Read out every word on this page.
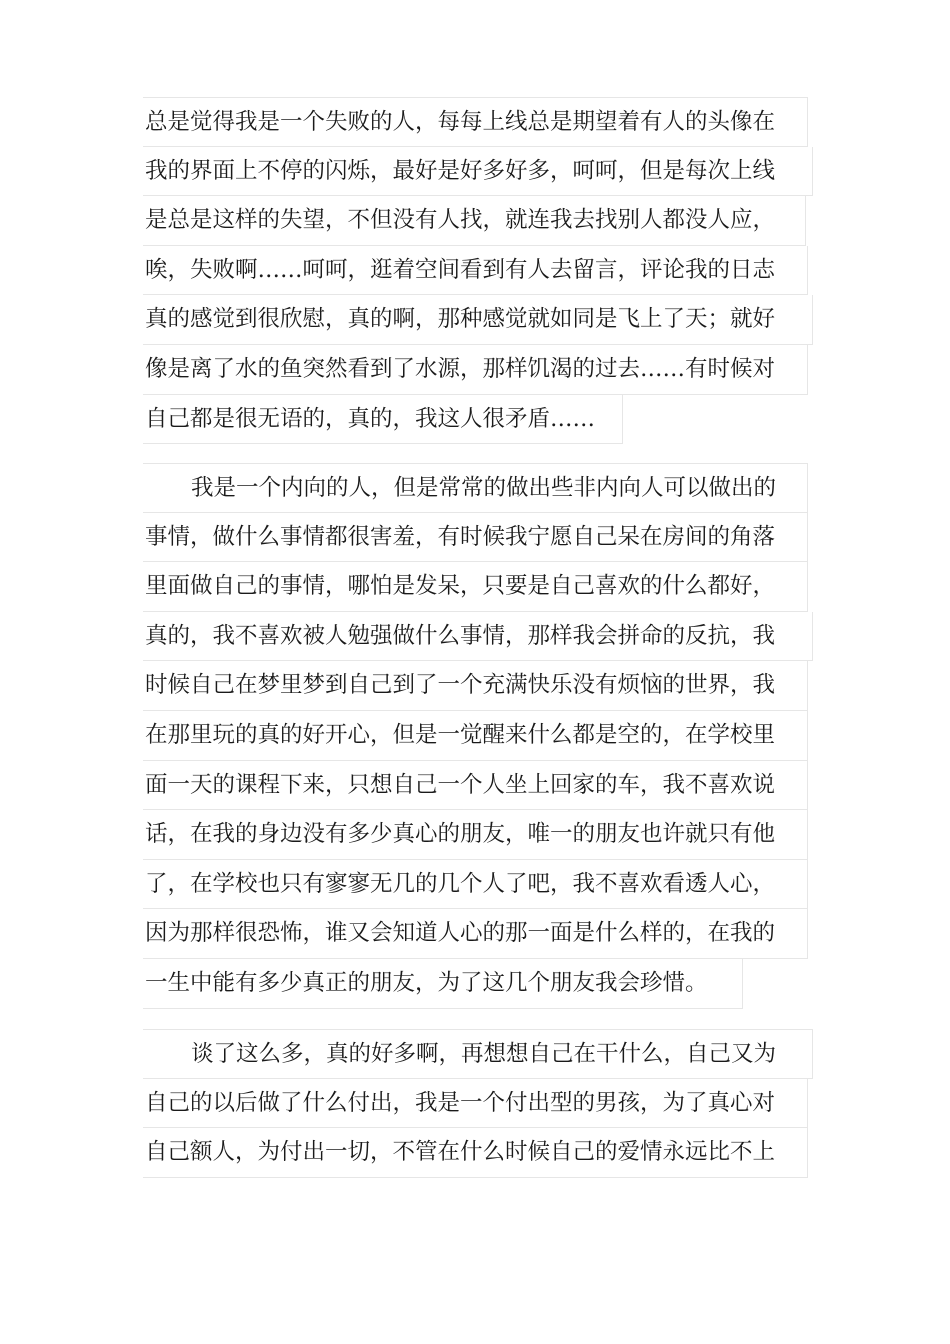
总是觉得我是一个失败的人，每每上线总是期望着有人的头像在
我的界面上不停的闪烁，最好是好多好多，呵呵，但是每次上线
是总是这样的失望，不但没有人找，就连我去找别人都没人应，
唉，失败啊……呵呵，逛着空间看到有人去留言，评论我的日志
真的感觉到很欣慰，真的啊，那种感觉就如同是飞上了天；就好
像是离了水的鱼突然看到了水源，那样饥渴的过去……有时候对
自己都是很无语的，真的，我这人很矛盾……
我是一个内向的人，但是常常的做出些非内向人可以做出的
事情，做什么事情都很害羞，有时候我宁愿自己呆在房间的角落
里面做自己的事情，哪怕是发呆，只要是自己喜欢的什么都好，
真的，我不喜欢被人勉强做什么事情，那样我会拼命的反抗，我
时候自己在梦里梦到自己到了一个充满快乐没有烦恼的世界，我
在那里玩的真的好开心，但是一觉醒来什么都是空的，在学校里
面一天的课程下来，只想自己一个人坐上回家的车，我不喜欢说
话，在我的身边没有多少真心的朋友，唯一的朋友也许就只有他
了，在学校也只有寥寥无几的几个人了吧，我不喜欢看透人心，
因为那样很恐怖，谁又会知道人心的那一面是什么样的，在我的
一生中能有多少真正的朋友，为了这几个朋友我会珍惜。
谈了这么多，真的好多啊，再想想自己在干什么，自己又为
自己的以后做了什么付出，我是一个付出型的男孩，为了真心对
自己额人，为付出一切，不管在什么时候自己的爱情永远比不上
